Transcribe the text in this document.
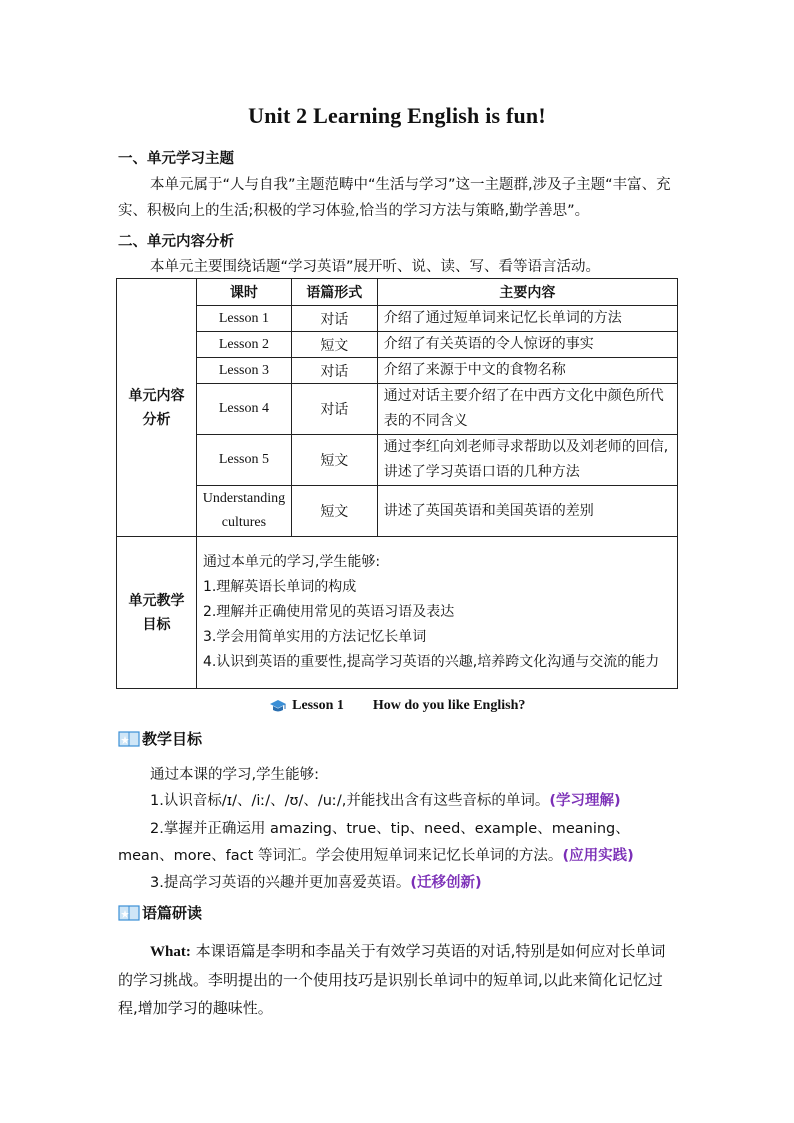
Unit 2 Learning English is fun!
一、单元学习主题
本单元属于“人与自我”主题范畴中“生活与学习”这一主题群,涉及子主题“丰富、充实、积极向上的生活;积极的学习体验,恰当的学习方法与策略,勤学善思”。
二、单元内容分析
本单元主要围绕话题“学习英语”展开听、说、读、写、看等语言活动。
单元内容分析	课时	语篇形式	主要内容
	Lesson 1	对话	介绍了通过短单词来记忆长单词的方法
	Lesson 2	短文	介绍了有关英语的令人惊讶的事实
	Lesson 3	对话	介绍了来源于中文的食物名称
	Lesson 4	对话	通过对话主要介绍了在中西方文化中颜色所代表的不同含义
	Lesson 5	短文	通过李红向刘老师寻求帮助以及刘老师的回信,讲述了学习英语口语的几种方法
	Understanding cultures	短文	讲述了英国英语和美国英语的差别

单元教学目标	通过本单元的学习,学生能够:
1.理解英语长单词的构成
2.理解并正确使用常见的英语习语及表达
3.学会用简单实用的方法记忆长单词
4.认识到英语的重要性,提高学习英语的兴趣,培养跨文化沟通与交流的能力		
Lesson 1 How do you like English?
教学目标
通过本课的学习,学生能够:
1.认识音标/ɪ/、/iː/、/ʊ/、/uː/,并能找出含有这些音标的单词。(学习理解)
2.掌握并正确运用 amazing、true、tip、need、example、meaning、mean、more、fact 等词汇。学会使用短单词来记忆长单词的方法。(应用实践)
3.提高学习英语的兴趣并更加喜爱英语。(迁移创新)
语篇研读
What: 本课语篇是李明和李晶关于有效学习英语的对话,特别是如何应对长单词的学习挑战。李明提出的一个使用技巧是识别长单词中的短单词,以此来简化记忆过程,增加学习的趣味性。
